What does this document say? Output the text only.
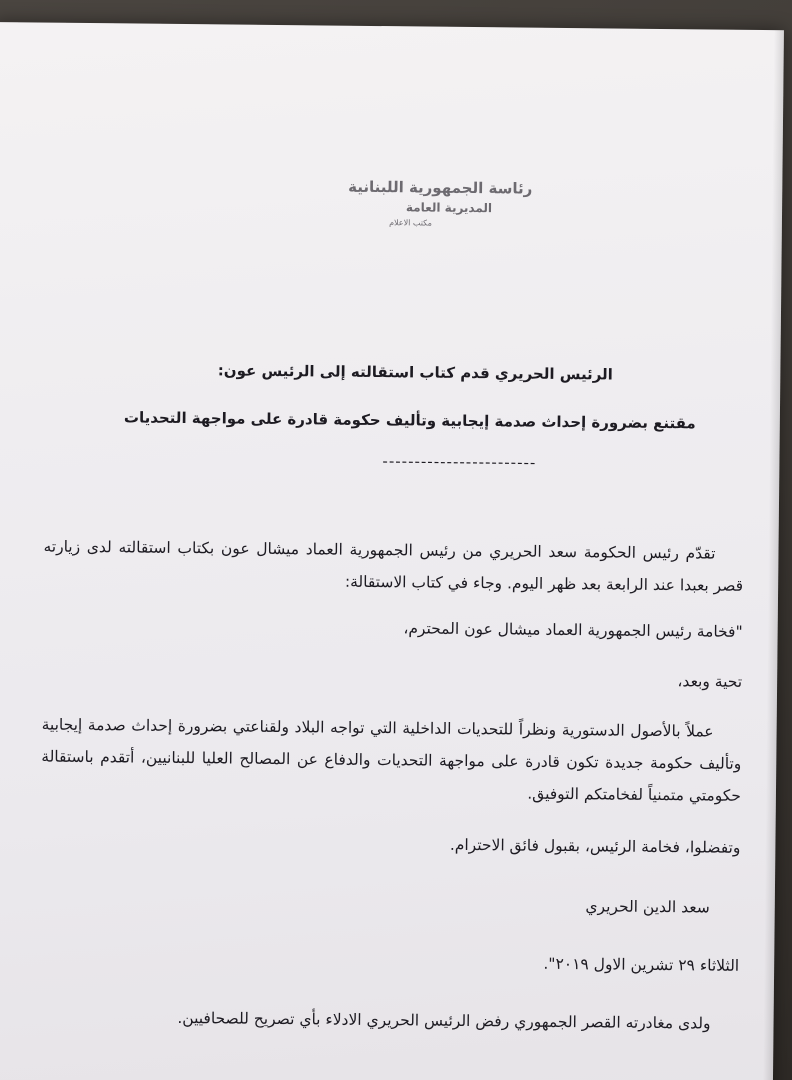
رئاسة الجمهورية اللبنانية
المديرية العامة
مكتب الاعلام

الرئيس الحريري قدم كتاب استقالته إلى الرئيس عون:

مقتنع بضرورة إحداث صدمة إيجابية وتأليف حكومة قادرة على مواجهة التحديات

------------------------

تقدّم رئيس الحكومة سعد الحريري من رئيس الجمهورية العماد ميشال عون بكتاب استقالته لدى زيارته قصر بعبدا عند الرابعة بعد ظهر اليوم. وجاء في كتاب الاستقالة:

"فخامة رئيس الجمهورية العماد ميشال عون المحترم،

تحية وبعد،

عملاً بالأصول الدستورية ونظراً للتحديات الداخلية التي تواجه البلاد ولقناعتي بضرورة إحداث صدمة إيجابية وتأليف حكومة جديدة تكون قادرة على مواجهة التحديات والدفاع عن المصالح العليا للبنانيين، أتقدم باستقالة حكومتي متمنياً لفخامتكم التوفيق.

وتفضلوا، فخامة الرئيس، بقبول فائق الاحترام.

سعد الدين الحريري

الثلاثاء ٢٩ تشرين الاول ٢٠١٩".

ولدى مغادرته القصر الجمهوري رفض الرئيس الحريري الادلاء بأي تصريح للصحافيين.
